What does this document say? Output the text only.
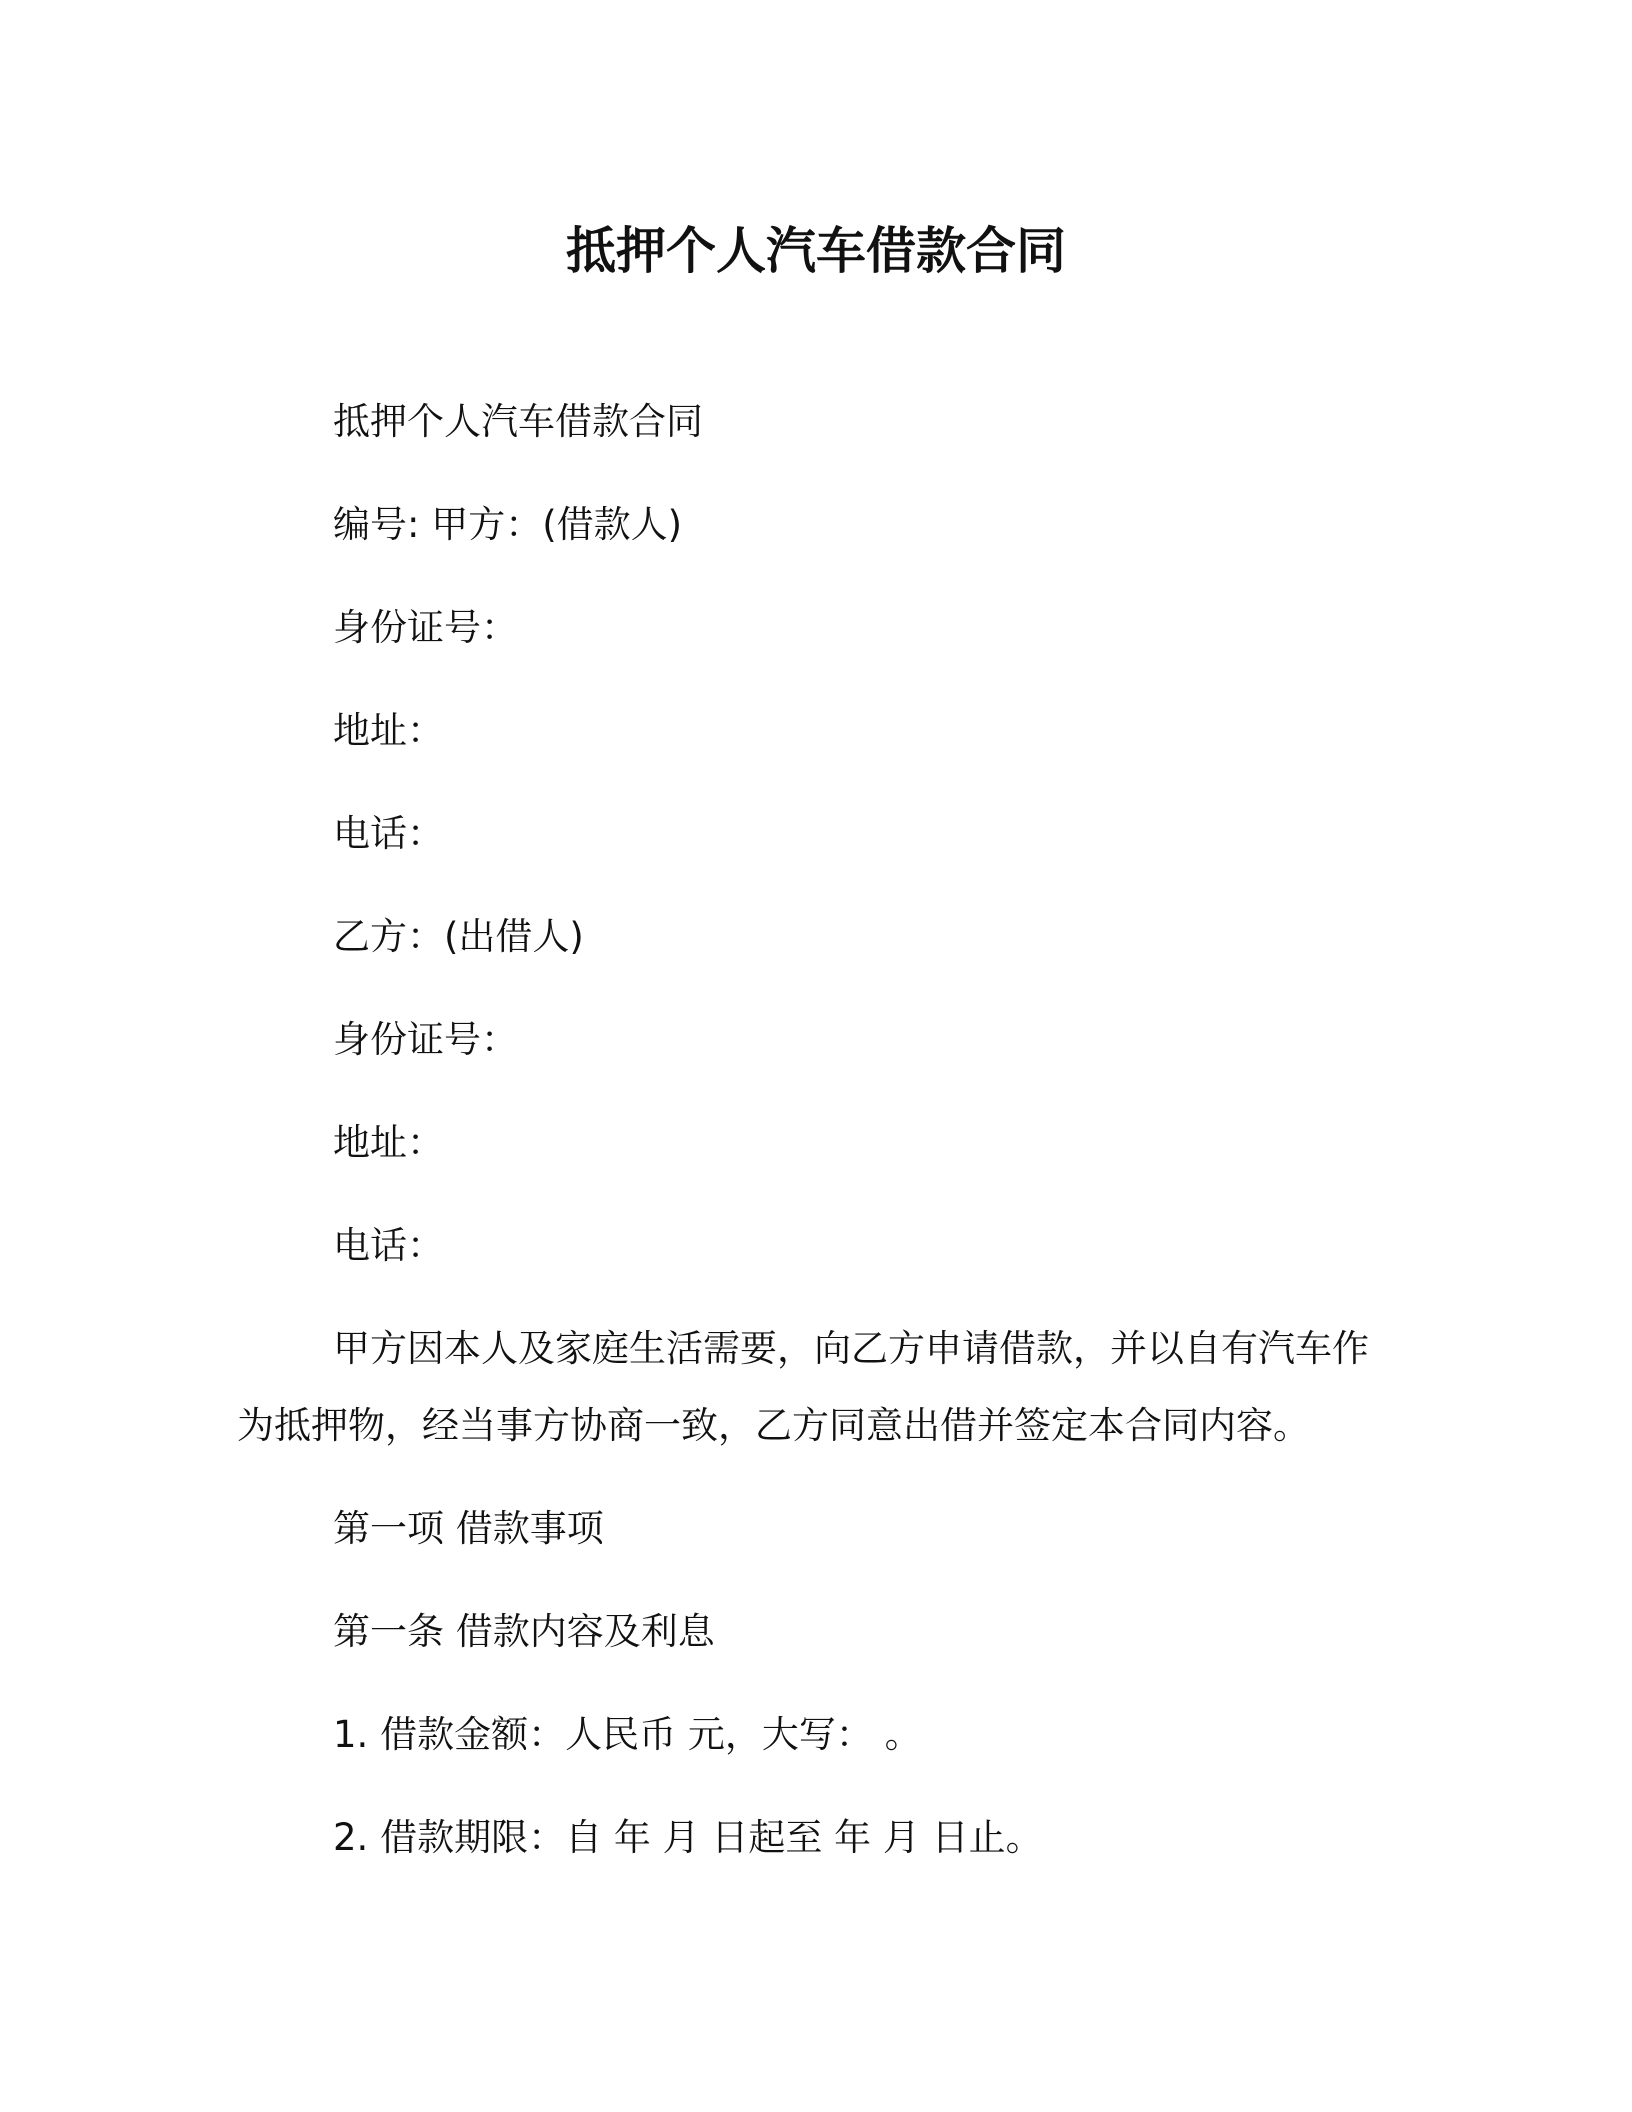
抵押个人汽车借款合同

抵押个人汽车借款合同

编号: 甲方：(借款人)

身份证号：

地址：

电话：

乙方：(出借人)

身份证号：

地址：

电话：

甲方因本人及家庭生活需要，向乙方申请借款，并以自有汽车作
为抵押物，经当事方协商一致，乙方同意出借并签定本合同内容。

第一项 借款事项

第一条 借款内容及利息

1. 借款金额：人民币 元，大写： 。

2. 借款期限：自 年 月 日起至 年 月 日止。
